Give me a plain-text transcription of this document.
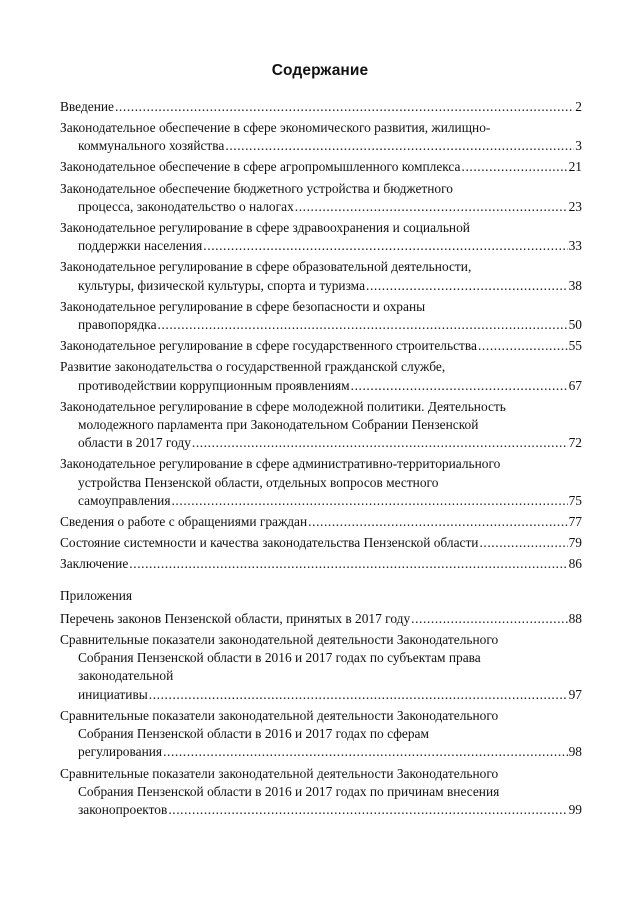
Содержание
Введение .....	2
Законодательное обеспечение в сфере экономического развития, жилищно-
коммунального хозяйства .....	3
Законодательное обеспечение в сфере агропромышленного комплекса .....	21
Законодательное обеспечение бюджетного устройства и бюджетного
процесса, законодательство о налогах .....	23
Законодательное регулирование в сфере здравоохранения и социальной
поддержки населения .....	33
Законодательное регулирование в сфере образовательной деятельности,
культуры, физической культуры, спорта и туризма .....	38
Законодательное регулирование в сфере безопасности и охраны
правопорядка .....	50
Законодательное регулирование в сфере государственного строительства .....	55
Развитие законодательства о государственной гражданской службе,
противодействии коррупционным проявлениям .....	67
Законодательное регулирование в сфере молодежной политики. Деятельность
молодежного парламента при Законодательном Собрании Пензенской
области в 2017 году .....	72
Законодательное регулирование в сфере административно-территориального
устройства Пензенской области, отдельных вопросов местного
самоуправления .....	75
Сведения о работе с обращениями граждан .....	77
Состояние системности и качества законодательства Пензенской области .....	79
Заключение .....	86
Приложения
Перечень законов Пензенской области, принятых в 2017 году .....	88
Сравнительные показатели законодательной деятельности Законодательного
Собрания Пензенской области в 2016 и 2017 годах по субъектам права
законодательной
инициативы .....	97
Сравнительные показатели законодательной деятельности Законодательного
Собрания Пензенской области в 2016 и 2017 годах по сферам
регулирования .....	98
Сравнительные показатели законодательной деятельности Законодательного
Собрания Пензенской области в 2016 и 2017 годах по причинам внесения
законопроектов .....	99
